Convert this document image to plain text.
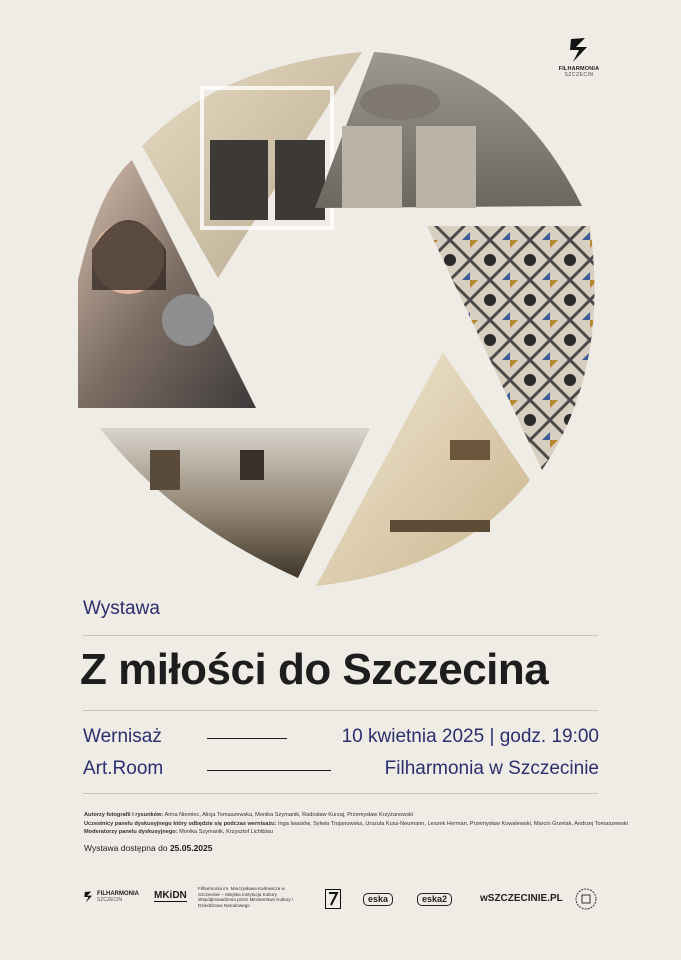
FILHARMONIA
SZCZECIN
Wystawa
Z miłości do Szczecina
Wernisaż	10 kwietnia 2025 | godz. 19:00
Art.Room	Filharmonia w Szczecinie
Autorzy fotografii i rysunków: Anna Niemiec, Alicja Tomaszewska, Monika Szymanik, Radosław Kurzaj, Przemysław Krzyżanowski
Uczestnicy panelu dyskusyjnego który odbędzie się podczas wernisażu: Inga Iwasiów, Sylwia Trojanowska, Urszula Kusz-Neumann, Leszek Herman, Przemysław Kowalewski, Marcin Grzelak, Andrzej Tomaszewski
Moderatorzy panelu dyskusyjnego: Monika Szymanik, Krzysztof Lichtblau
Wystawa dostępna do 25.05.2025
FILHARMONIA
SZCZECIN	MKiDN
Filharmonia im. Mieczysława Karłowicza w Szczecinie – Miejska Instytucja Kultury Współprowadzona przez Ministerstwo Kultury i Dziedzictwa Narodowego
eska	eska2	wSZCZECINIE.PL
